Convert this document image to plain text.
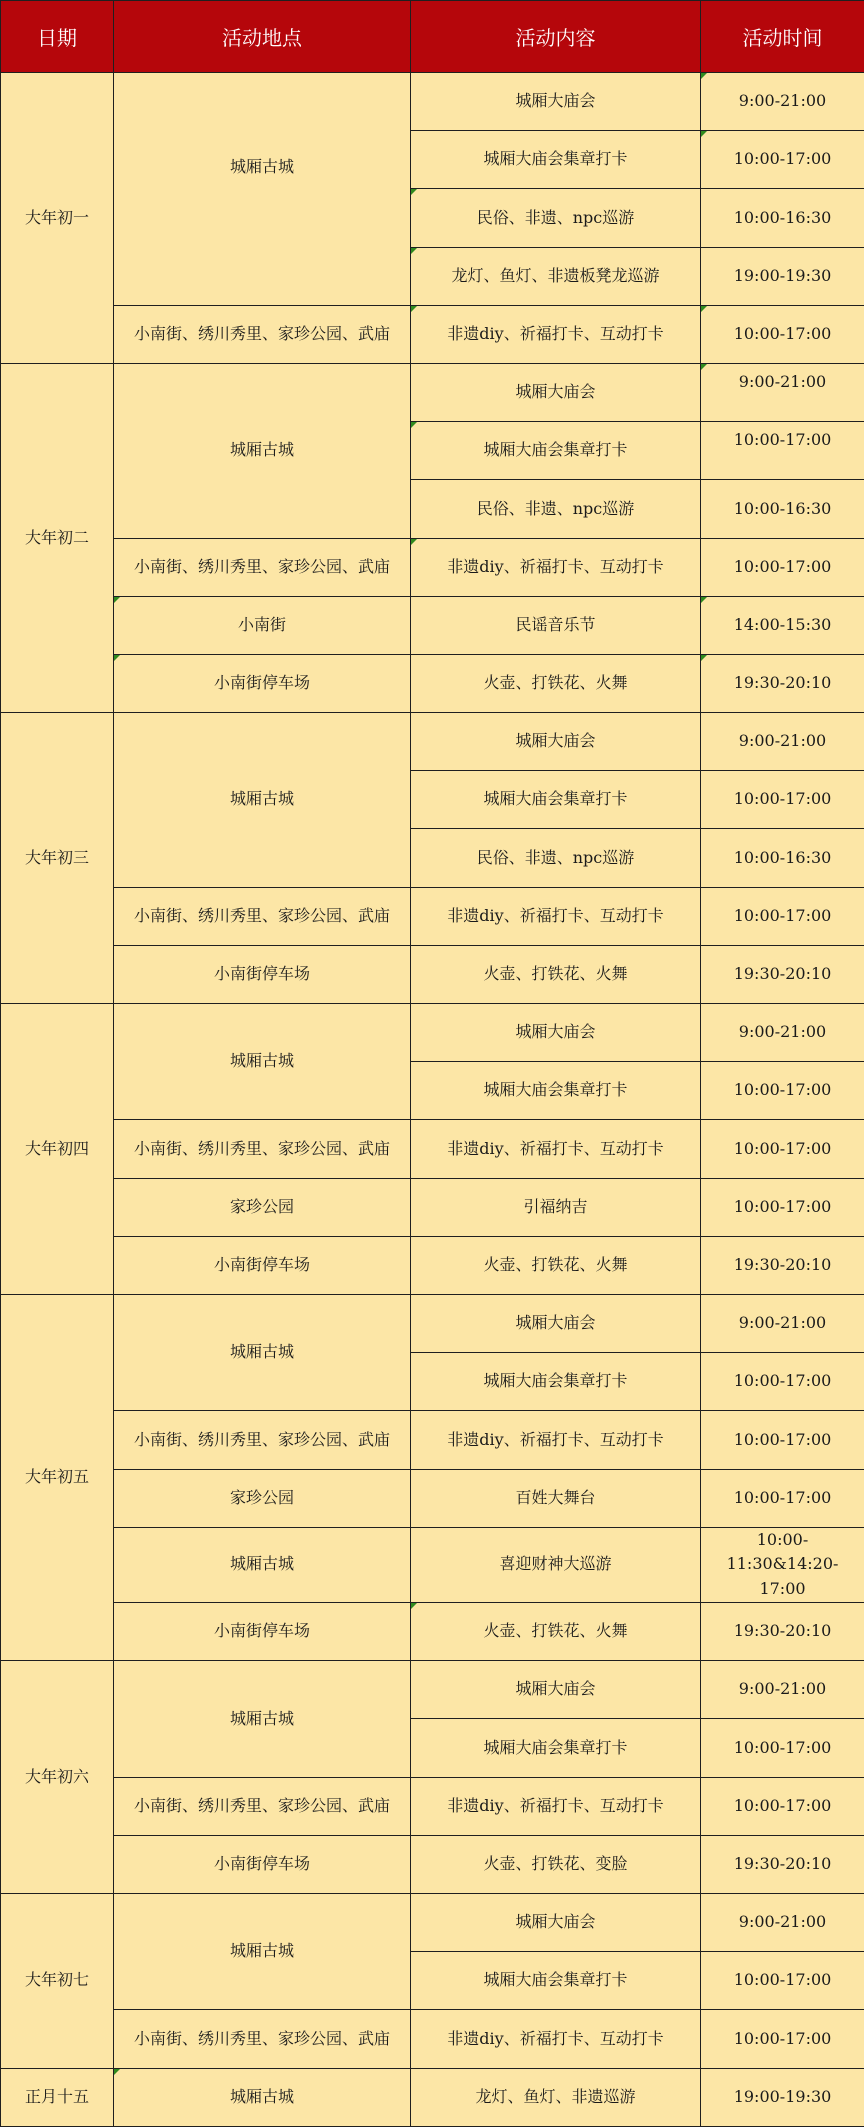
日期	活动地点	活动内容	活动时间
大年初一	城厢古城	城厢大庙会	9:00-21:00
		城厢大庙会集章打卡	10:00-17:00
		民俗、非遗、npc巡游	10:00-16:30
		龙灯、鱼灯、非遗板凳龙巡游	19:00-19:30
	小南街、绣川秀里、家珍公园、武庙	非遗diy、祈福打卡、互动打卡	10:00-17:00
大年初二	城厢古城	城厢大庙会	9:00-21:00
		城厢大庙会集章打卡	10:00-17:00
		民俗、非遗、npc巡游	10:00-16:30
	小南街、绣川秀里、家珍公园、武庙	非遗diy、祈福打卡、互动打卡	10:00-17:00
	小南街	民谣音乐节	14:00-15:30
	小南街停车场	火壶、打铁花、火舞	19:30-20:10
大年初三	城厢古城	城厢大庙会	9:00-21:00
		城厢大庙会集章打卡	10:00-17:00
		民俗、非遗、npc巡游	10:00-16:30
	小南街、绣川秀里、家珍公园、武庙	非遗diy、祈福打卡、互动打卡	10:00-17:00
	小南街停车场	火壶、打铁花、火舞	19:30-20:10
大年初四	城厢古城	城厢大庙会	9:00-21:00
		城厢大庙会集章打卡	10:00-17:00
	小南街、绣川秀里、家珍公园、武庙	非遗diy、祈福打卡、互动打卡	10:00-17:00
	家珍公园	引福纳吉	10:00-17:00
	小南街停车场	火壶、打铁花、火舞	19:30-20:10
大年初五	城厢古城	城厢大庙会	9:00-21:00
		城厢大庙会集章打卡	10:00-17:00
	小南街、绣川秀里、家珍公园、武庙	非遗diy、祈福打卡、互动打卡	10:00-17:00
	家珍公园	百姓大舞台	10:00-17:00
	城厢古城	喜迎财神大巡游	10:00-11:30&14:20-17:00
	小南街停车场	火壶、打铁花、火舞	19:30-20:10
大年初六	城厢古城	城厢大庙会	9:00-21:00
		城厢大庙会集章打卡	10:00-17:00
	小南街、绣川秀里、家珍公园、武庙	非遗diy、祈福打卡、互动打卡	10:00-17:00
	小南街停车场	火壶、打铁花、变脸	19:30-20:10
大年初七	城厢古城	城厢大庙会	9:00-21:00
		城厢大庙会集章打卡	10:00-17:00
	小南街、绣川秀里、家珍公园、武庙	非遗diy、祈福打卡、互动打卡	10:00-17:00
正月十五	城厢古城	龙灯、鱼灯、非遗巡游	19:00-19:30
